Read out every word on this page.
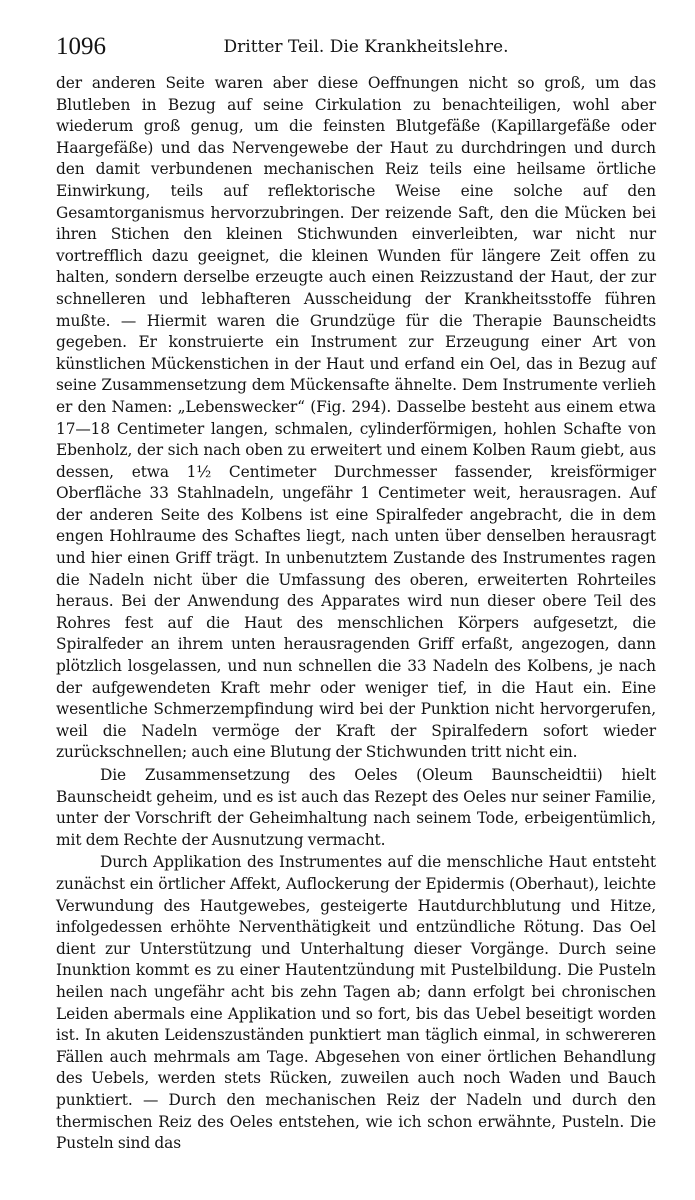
1096	Dritter Teil. Die Krankheitslehre.

der anderen Seite waren aber diese Oeffnungen nicht so groß, um das Blutleben in Bezug auf seine Cirkulation zu benachteiligen, wohl aber wiederum groß genug, um die feinsten Blutgefäße (Kapillargefäße oder Haargefäße) und das Nervengewebe der Haut zu durchdringen und durch den damit verbundenen mechanischen Reiz teils eine heilsame örtliche Einwirkung, teils auf reflektorische Weise eine solche auf den Gesamtorganismus hervorzubringen. Der reizende Saft, den die Mücken bei ihren Stichen den kleinen Stichwunden einverleibten, war nicht nur vortrefflich dazu geeignet, die kleinen Wunden für längere Zeit offen zu halten, sondern derselbe erzeugte auch einen Reizzustand der Haut, der zur schnelleren und lebhafteren Ausscheidung der Krankheitsstoffe führen mußte. — Hiermit waren die Grundzüge für die Therapie Baunscheidts gegeben. Er konstruierte ein Instrument zur Erzeugung einer Art von künstlichen Mückenstichen in der Haut und erfand ein Oel, das in Bezug auf seine Zusammensetzung dem Mückensafte ähnelte. Dem Instrumente verlieh er den Namen: „Lebenswecker“ (Fig. 294). Dasselbe besteht aus einem etwa 17—18 Centimeter langen, schmalen, cylinderförmigen, hohlen Schafte von Ebenholz, der sich nach oben zu erweitert und einem Kolben Raum giebt, aus dessen, etwa 1½ Centimeter Durchmesser fassender, kreisförmiger Oberfläche 33 Stahlnadeln, ungefähr 1 Centimeter weit, herausragen. Auf der anderen Seite des Kolbens ist eine Spiralfeder angebracht, die in dem engen Hohlraume des Schaftes liegt, nach unten über denselben herausragt und hier einen Griff trägt. In unbenutztem Zustande des Instrumentes ragen die Nadeln nicht über die Umfassung des oberen, erweiterten Rohrteiles heraus. Bei der Anwendung des Apparates wird nun dieser obere Teil des Rohres fest auf die Haut des menschlichen Körpers aufgesetzt, die Spiralfeder an ihrem unten herausragenden Griff erfaßt, angezogen, dann plötzlich losgelassen, und nun schnellen die 33 Nadeln des Kolbens, je nach der aufgewendeten Kraft mehr oder weniger tief, in die Haut ein. Eine wesentliche Schmerzempfindung wird bei der Punktion nicht hervorgerufen, weil die Nadeln vermöge der Kraft der Spiralfedern sofort wieder zurückschnellen; auch eine Blutung der Stichwunden tritt nicht ein.

Die Zusammensetzung des Oeles (Oleum Baunscheidtii) hielt Baunscheidt geheim, und es ist auch das Rezept des Oeles nur seiner Familie, unter der Vorschrift der Geheimhaltung nach seinem Tode, erbeigentümlich, mit dem Rechte der Ausnutzung vermacht.

Durch Applikation des Instrumentes auf die menschliche Haut entsteht zunächst ein örtlicher Affekt, Auflockerung der Epidermis (Oberhaut), leichte Verwundung des Hautgewebes, gesteigerte Hautdurchblutung und Hitze, infolgedessen erhöhte Nerventhätigkeit und entzündliche Rötung. Das Oel dient zur Unterstützung und Unterhaltung dieser Vorgänge. Durch seine Inunktion kommt es zu einer Hautentzündung mit Pustelbildung. Die Pusteln heilen nach ungefähr acht bis zehn Tagen ab; dann erfolgt bei chronischen Leiden abermals eine Applikation und so fort, bis das Uebel beseitigt worden ist. In akuten Leidenszuständen punktiert man täglich einmal, in schwereren Fällen auch mehrmals am Tage. Abgesehen von einer örtlichen Behandlung des Uebels, werden stets Rücken, zuweilen auch noch Waden und Bauch punktiert. — Durch den mechanischen Reiz der Nadeln und durch den thermischen Reiz des Oeles entstehen, wie ich schon erwähnte, Pusteln. Die Pusteln sind das
